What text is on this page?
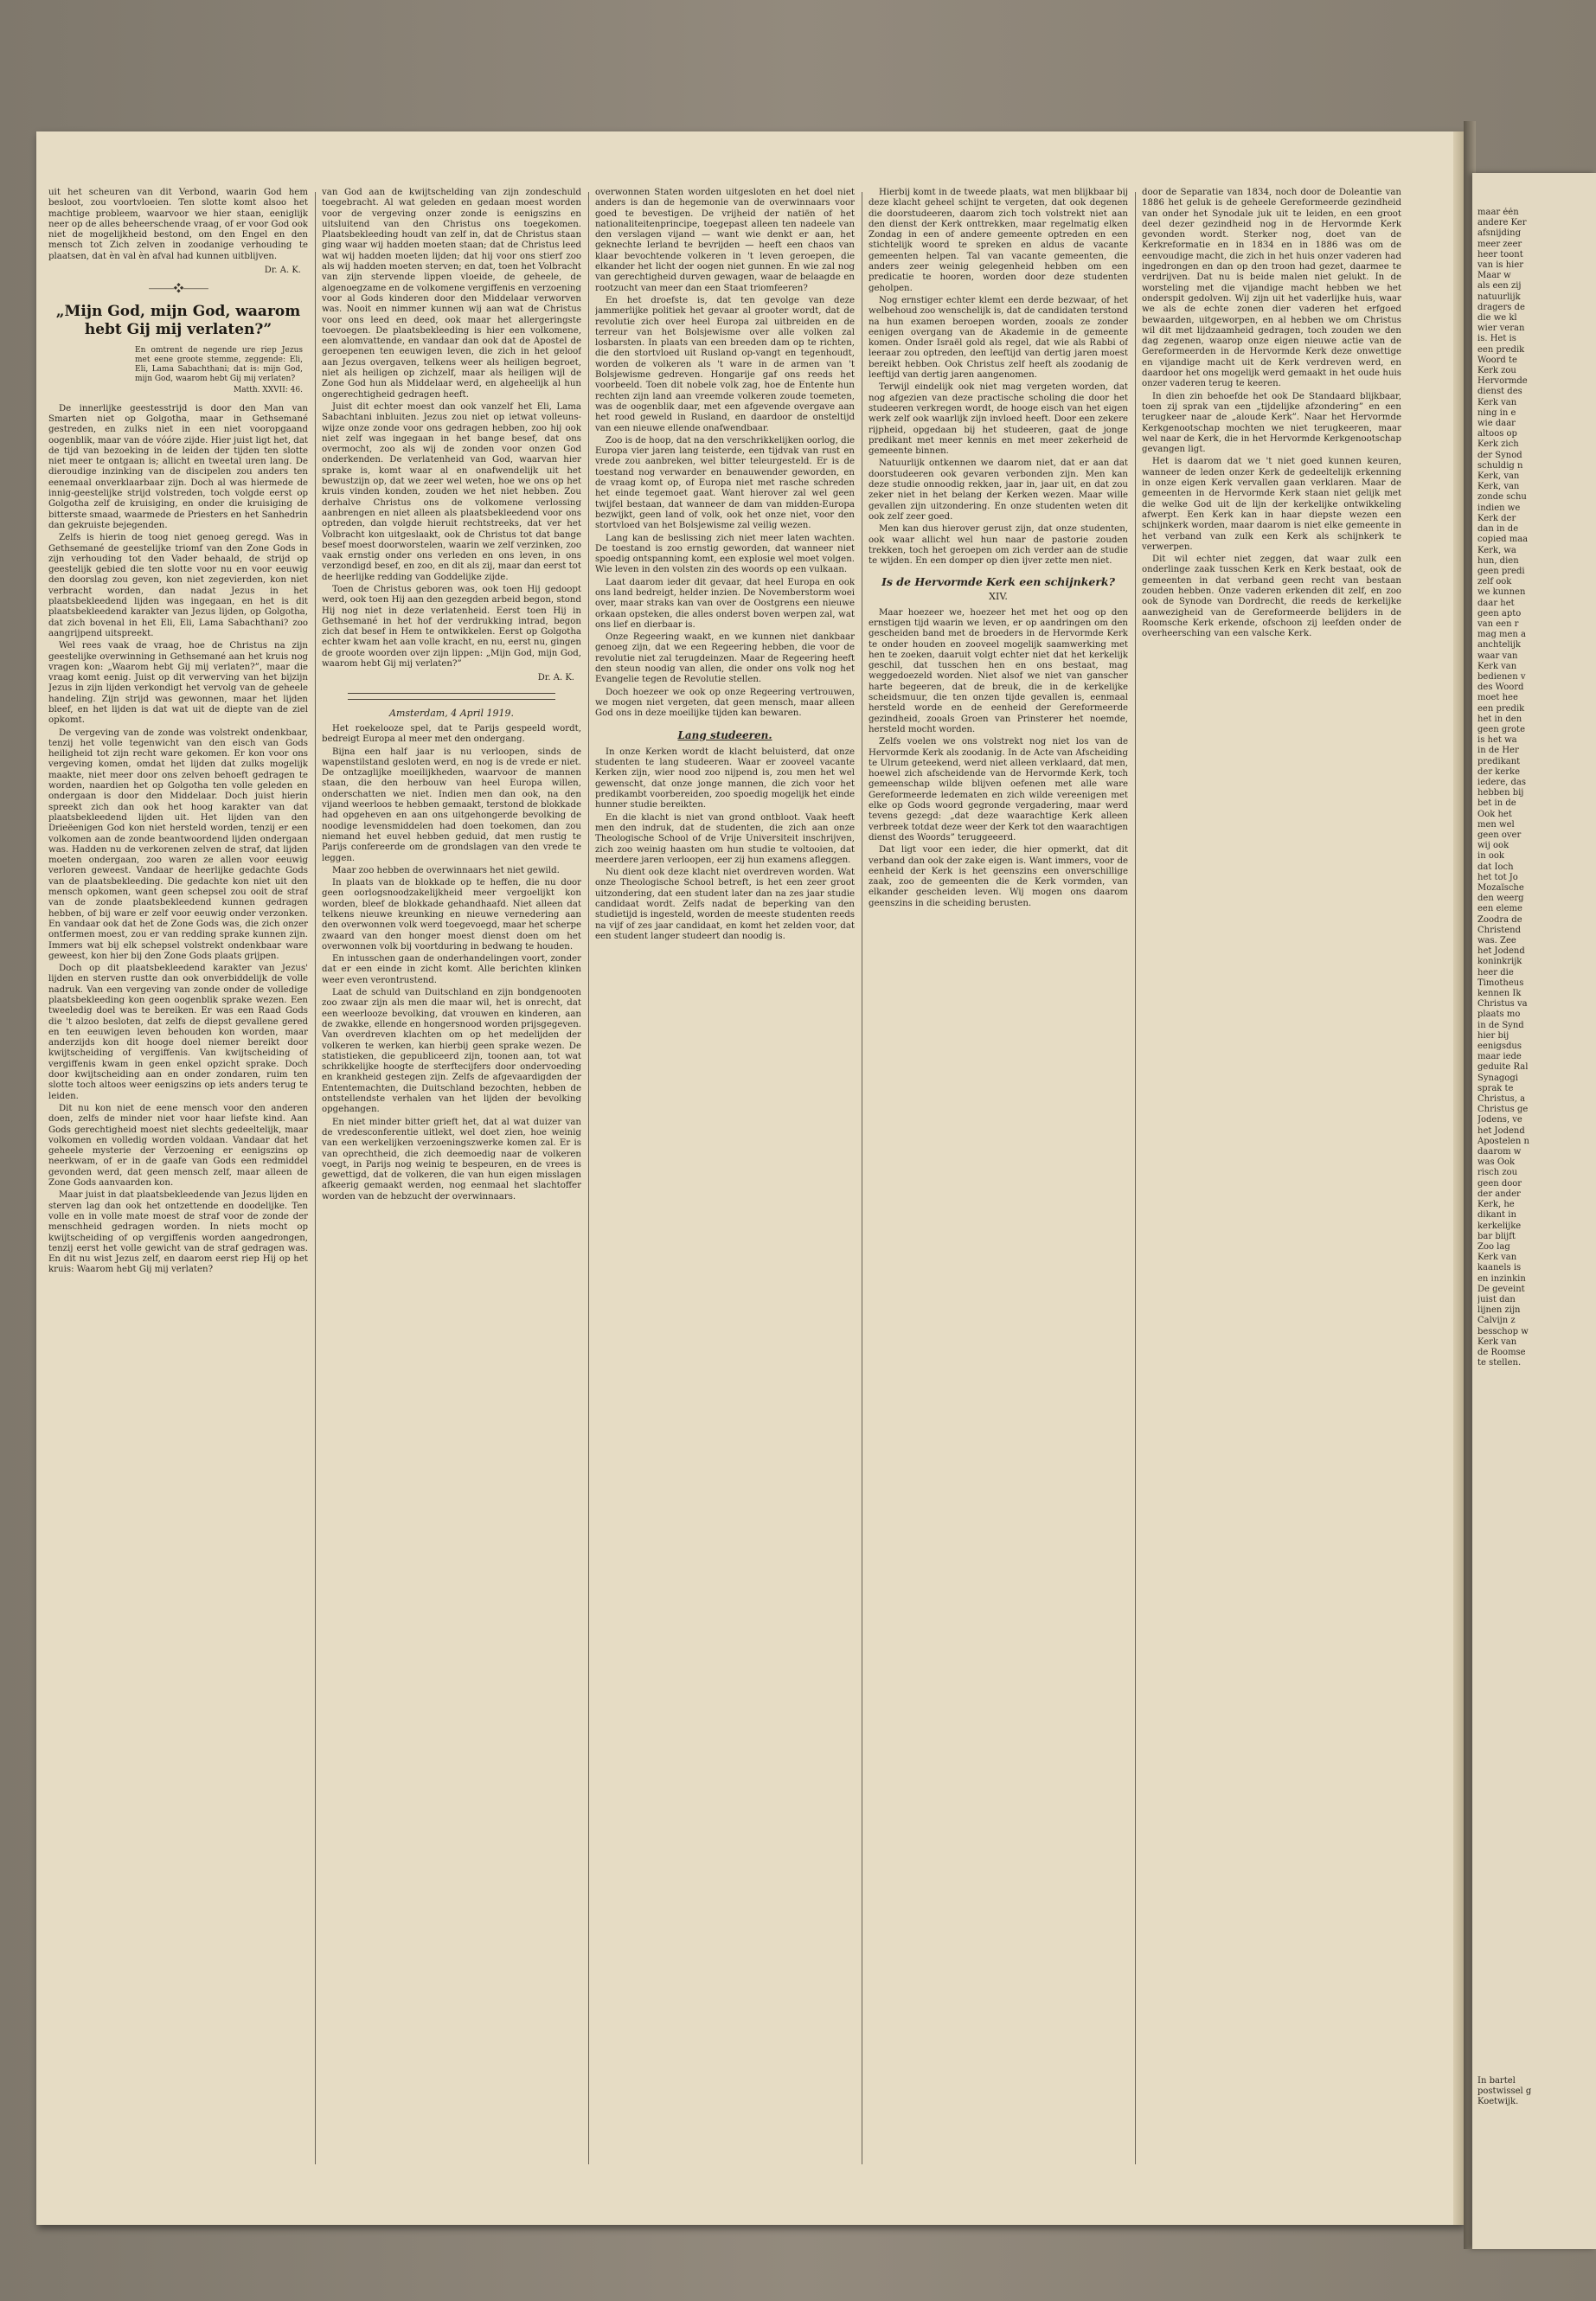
uit het scheuren van dit Verbond, waarin God hem besloot, zou voortvloeien. Ten slotte komt alsoo het machtige probleem, waarvoor we hier staan, eeniglijk neer op de alles beheerschende vraag, of er voor God ook niet de mogelijkheid bestond, om den Engel en den mensch tot Zich zelven in zoodanige verhouding te plaatsen, dat èn val èn afval had kunnen uitblijven.

Dr. A. K.
⸻❖⸻
„Mijn God, mijn God, waarom hebt Gij mij verlaten?”
En omtrent de negende ure riep Jezus met eene groote stemme, zeggende: Eli, Eli, Lama Sabachthani; dat is: mijn God, mijn God, waarom hebt Gij mij verlaten?
Matth. XXVII: 46.

De innerlijke geestesstrijd is door den Man van Smarten niet op Golgotha, maar in Gethsemané gestreden, en zulks niet in een niet vooropgaand oogenblik, maar van de vóóre zijde. Hier juist ligt het, dat de tijd van bezoeking in de leiden der tijden ten slotte niet meer te ontgaan is; allicht en tweetal uren lang. De dieroudige inzinking van de discipelen zou anders ten eenemaal onverklaarbaar zijn. Doch al was hiermede de innig-geestelijke strijd volstreden, toch volgde eerst op Golgotha zelf de kruisiging, en onder die kruisiging de bitterste smaad, waarmede de Priesters en het Sanhedrin dan gekruiste bejegenden.

Zelfs is hierin de toog niet genoeg geregd. Was in Gethsemané de geestelijke triomf van den Zone Gods in zijn verhouding tot den Vader behaald, de strijd op geestelijk gebied die ten slotte voor nu en voor eeuwig den doorslag zou geven, kon niet zegevierden, kon niet verbracht worden, dan nadat Jezus in het plaatsbekleedend lijden was ingegaan, en het is dit plaatsbekleedend karakter van Jezus lijden, op Golgotha, dat zich bovenal in het Eli, Eli, Lama Sabachthani? zoo aangrijpend uitspreekt.

Wel rees vaak de vraag, hoe de Christus na zijn geestelijke overwinning in Gethsemané aan het kruis nog vragen kon: „Waarom hebt Gij mij verlaten?”, maar die vraag komt eenig. Juist op dit verwerving van het bijzijn Jezus in zijn lijden verkondigt het vervolg van de geheele handeling. Zijn strijd was gewonnen, maar het lijden bleef, en het lijden is dat wat uit de diepte van de ziel opkomt.

De vergeving van de zonde was volstrekt ondenkbaar, tenzij het volle tegenwicht van den eisch van Gods heiligheid tot zijn recht ware gekomen. Er kon voor ons vergeving komen, omdat het lijden dat zulks mogelijk maakte, niet meer door ons zelven behoeft gedragen te worden, naardien het op Golgotha ten volle geleden en ondergaan is door den Middelaar. Doch juist hierin spreekt zich dan ook het hoog karakter van dat plaatsbekleedend lijden uit. Het lijden van den Drieëenigen God kon niet hersteld worden, tenzij er een volkomen aan de zonde beantwoordend lijden ondergaan was. Hadden nu de verkorenen zelven de straf, dat lijden moeten ondergaan, zoo waren ze allen voor eeuwig verloren geweest. Vandaar de heerlijke gedachte Gods van de plaatsbekleeding. Die gedachte kon niet uit den mensch opkomen, want geen schepsel zou ooit de straf van de zonde plaatsbekleedend kunnen gedragen hebben, of bij ware er zelf voor eeuwig onder verzonken. En vandaar ook dat het de Zone Gods was, die zich onzer ontfermen moest, zou er van redding sprake kunnen zijn. Immers wat bij elk schepsel volstrekt ondenkbaar ware geweest, kon hier bij den Zone Gods plaats grijpen.

Doch op dit plaatsbekleedend karakter van Jezus' lijden en sterven rustte dan ook onverbiddelijk de volle nadruk. Van een vergeving van zonde onder de volledige plaatsbekleeding kon geen oogenblik sprake wezen. Een tweeledig doel was te bereiken. Er was een Raad Gods die 't alzoo besloten, dat zelfs de diepst gevallene gered en ten eeuwigen leven behouden kon worden, maar anderzijds kon dit hooge doel niemer bereikt door kwijtscheiding of vergiffenis. Van kwijtscheiding of vergiffenis kwam in geen enkel opzicht sprake. Doch door kwijtscheiding aan en onder zondaren, ruim ten slotte toch altoos weer eenigszins op iets anders terug te leiden.

Dit nu kon niet de eene mensch voor den anderen doen, zelfs de minder niet voor haar liefste kind. Aan Gods gerechtigheid moest niet slechts gedeeltelijk, maar volkomen en volledig worden voldaan. Vandaar dat het geheele mysterie der Verzoening er eenigszins op neerkwam, of er in de gaafe van Gods een redmiddel gevonden werd, dat geen mensch zelf, maar alleen de Zone Gods aanvaarden kon.

Maar juist in dat plaatsbekleedende van Jezus lijden en sterven lag dan ook het ontzettende en doodelijke. Ten volle en in volle mate moest de straf voor de zonde der menschheid gedragen worden. In niets mocht op kwijtscheiding of op vergiffenis worden aangedrongen, tenzij eerst het volle gewicht van de straf gedragen was. En dit nu wist Jezus zelf, en daarom eerst riep Hij op het kruis: Waarom hebt Gij mij verlaten?

van God aan de kwijtschelding van zijn zondeschuld toegebracht. Al wat geleden en gedaan moest worden voor de vergeving onzer zonde is eenigszins en uitsluitend van den Christus ons toegekomen. Plaatsbekleeding houdt van zelf in, dat de Christus staan ging waar wij hadden moeten staan; dat de Christus leed wat wij hadden moeten lijden; dat hij voor ons stierf zoo als wij hadden moeten sterven; en dat, toen het Volbracht van zijn stervende lippen vloeide, de geheele, de algenoegzame en de volkomene vergiffenis en verzoening voor al Gods kinderen door den Middelaar verworven was. Nooit en nimmer kunnen wij aan wat de Christus voor ons leed en deed, ook maar het allergeringste toevoegen. De plaatsbekleeding is hier een volkomene, een alomvattende, en vandaar dan ook dat de Apostel de geroepenen ten eeuwigen leven, die zich in het geloof aan Jezus overgaven, telkens weer als heiligen begroet, niet als heiligen op zichzelf, maar als heiligen wijl de Zone God hun als Middelaar werd, en algeheelijk al hun ongerechtigheid gedragen heeft.

Juist dit echter moest dan ook vanzelf het Eli, Lama Sabachtani inbluiten. Jezus zou niet op ietwat volleuns-wijze onze zonde voor ons gedragen hebben, zoo hij ook niet zelf was ingegaan in het bange besef, dat ons overmocht, zoo als wij de zonden voor onzen God onderkenden. De verlatenheid van God, waarvan hier sprake is, komt waar al en onafwendelijk uit het bewustzijn op, dat we zeer wel weten, hoe we ons op het kruis vinden konden, zouden we het niet hebben. Zou derhalve Christus ons de volkomene verlossing aanbrengen en niet alleen als plaatsbekleedend voor ons optreden, dan volgde hieruit rechtstreeks, dat ver het Volbracht kon uitgeslaakt, ook de Christus tot dat bange besef moest doorworstelen, waarin we zelf verzinken, zoo vaak ernstig onder ons verleden en ons leven, in ons verzondigd besef, en zoo, en dit als zij, maar dan eerst tot de heerlijke redding van Goddelijke zijde.

Toen de Christus geboren was, ook toen Hij gedoopt werd, ook toen Hij aan den gezegden arbeid begon, stond Hij nog niet in deze verlatenheid. Eerst toen Hij in Gethsemané in het hof der verdrukking intrad, begon zich dat besef in Hem te ontwikkelen. Eerst op Golgotha echter kwam het aan volle kracht, en nu, eerst nu, gingen de groote woorden over zijn lippen: „Mijn God, mijn God, waarom hebt Gij mij verlaten?”

Dr. A. K.
Amsterdam, 4 April 1919.

Het roekelooze spel, dat te Parijs gespeeld wordt, bedreigt Europa al meer met den ondergang.

Bijna een half jaar is nu verloopen, sinds de wapenstilstand gesloten werd, en nog is de vrede er niet. De ontzaglijke moeilijkheden, waarvoor de mannen staan, die den herbouw van heel Europa willen, onderschatten we niet. Indien men dan ook, na den vijand weerloos te hebben gemaakt, terstond de blokkade had opgeheven en aan ons uitgehongerde bevolking de noodige levensmiddelen had doen toekomen, dan zou niemand het euvel hebben geduid, dat men rustig te Parijs confereerde om de grondslagen van den vrede te leggen.

Maar zoo hebben de overwinnaars het niet gewild.

In plaats van de blokkade op te heffen, die nu door geen oorlogsnoodzakelijkheid meer vergoelijkt kon worden, bleef de blokkade gehandhaafd. Niet alleen dat telkens nieuwe kreunking en nieuwe vernedering aan den overwonnen volk werd toegevoegd, maar het scherpe zwaard van den honger moest dienst doen om het overwonnen volk bij voortduring in bedwang te houden.

En intusschen gaan de onderhandelingen voort, zonder dat er een einde in zicht komt. Alle berichten klinken weer even verontrustend.

Laat de schuld van Duitschland en zijn bondgenooten zoo zwaar zijn als men die maar wil, het is onrecht, dat een weerlooze bevolking, dat vrouwen en kinderen, aan de zwakke, ellende en hongersnood worden prijsgegeven. Van overdreven klachten om op het medelijden der volkeren te werken, kan hierbij geen sprake wezen. De statistieken, die gepubliceerd zijn, toonen aan, tot wat schrikkelijke hoogte de sterftecijfers door ondervoeding en krankheid gestegen zijn. Zelfs de afgevaardigden der Ententemachten, die Duitschland bezochten, hebben de ontstellendste verhalen van het lijden der bevolking opgehangen.

En niet minder bitter grieft het, dat al wat duizer van de vredesconferentie uitlekt, wel doet zien, hoe weinig van een werkelijken verzoeningszwerke komen zal. Er is van oprechtheid, die zich deemoedig naar de volkeren voegt, in Parijs nog weinig te bespeuren, en de vrees is gewettigd, dat de volkeren, die van hun eigen misslagen afkeerig gemaakt werden, nog eenmaal het slachtoffer worden van de hebzucht der overwinnaars.

overwonnen Staten worden uitgesloten en het doel niet anders is dan de hegemonie van de overwinnaars voor goed te bevestigen. De vrijheid der natiën of het nationaliteitenprincipe, toegepast alleen ten nadeele van den verslagen vijand — want wie denkt er aan, het geknechte Ierland te bevrijden — heeft een chaos van klaar bevochtende volkeren in 't leven geroepen, die elkander het licht der oogen niet gunnen. En wie zal nog van gerechtigheid durven gewagen, waar de belaagde en rootzucht van meer dan een Staat triomfeeren?

En het droefste is, dat ten gevolge van deze jammerlijke politiek het gevaar al grooter wordt, dat de revolutie zich over heel Europa zal uitbreiden en de terreur van het Bolsjewisme over alle volken zal losbarsten. In plaats van een breeden dam op te richten, die den stortvloed uit Rusland op-vangt en tegenhoudt, worden de volkeren als 't ware in de armen van 't Bolsjewisme gedreven. Hongarije gaf ons reeds het voorbeeld. Toen dit nobele volk zag, hoe de Entente hun rechten zijn land aan vreemde volkeren zoude toemeten, was de oogenblik daar, met een afgevende overgave aan het rood geweld in Rusland, en daardoor de onsteltijd van een nieuwe ellende onafwendbaar.

Zoo is de hoop, dat na den verschrikkelijken oorlog, die Europa vier jaren lang teisterde, een tijdvak van rust en vrede zou aanbreken, wel bitter teleurgesteld. Er is de toestand nog verwarder en benauwender geworden, en de vraag komt op, of Europa niet met rasche schreden het einde tegemoet gaat. Want hierover zal wel geen twijfel bestaan, dat wanneer de dam van midden-Europa bezwijkt, geen land of volk, ook het onze niet, voor den stortvloed van het Bolsjewisme zal veilig wezen.

Lang kan de beslissing zich niet meer laten wachten. De toestand is zoo ernstig geworden, dat wanneer niet spoedig ontspanning komt, een explosie wel moet volgen. Wie leven in den volsten zin des woords op een vulkaan.

Laat daarom ieder dit gevaar, dat heel Europa en ook ons land bedreigt, helder inzien. De Novemberstorm woei over, maar straks kan van over de Oostgrens een nieuwe orkaan opsteken, die alles onderst boven werpen zal, wat ons lief en dierbaar is.

Onze Regeering waakt, en we kunnen niet dankbaar genoeg zijn, dat we een Regeering hebben, die voor de revolutie niet zal terugdeinzen. Maar de Regeering heeft den steun noodig van allen, die onder ons volk nog het Evangelie tegen de Revolutie stellen.

Doch hoezeer we ook op onze Regeering vertrouwen, we mogen niet vergeten, dat geen mensch, maar alleen God ons in deze moeilijke tijden kan bewaren.

Lang studeeren.

In onze Kerken wordt de klacht beluisterd, dat onze studenten te lang studeeren. Waar er zooveel vacante Kerken zijn, wier nood zoo nijpend is, zou men het wel gewenscht, dat onze jonge mannen, die zich voor het predikambt voorbereiden, zoo spoedig mogelijk het einde hunner studie bereikten.

En die klacht is niet van grond ontbloot. Vaak heeft men den indruk, dat de studenten, die zich aan onze Theologische School of de Vrije Universiteit inschrijven, zich zoo weinig haasten om hun studie te voltooien, dat meerdere jaren verloopen, eer zij hun examens afleggen.

Nu dient ook deze klacht niet overdreven worden. Wat onze Theologische School betreft, is het een zeer groot uitzondering, dat een student later dan na zes jaar studie candidaat wordt. Zelfs nadat de beperking van den studietijd is ingesteld, worden de meeste studenten reeds na vijf of zes jaar candidaat, en komt het zelden voor, dat een student langer studeert dan noodig is.

Hierbij komt in de tweede plaats, wat men blijkbaar bij deze klacht geheel schijnt te vergeten, dat ook degenen die doorstudeeren, daarom zich toch volstrekt niet aan den dienst der Kerk onttrekken, maar regelmatig elken Zondag in een of andere gemeente optreden en een stichtelijk woord te spreken en aldus de vacante gemeenten helpen. Tal van vacante gemeenten, die anders zeer weinig gelegenheid hebben om een predicatie te hooren, worden door deze studenten geholpen.

Nog ernstiger echter klemt een derde bezwaar, of het welbehoud zoo wenschelijk is, dat de candidaten terstond na hun examen beroepen worden, zooals ze zonder eenigen overgang van de Akademie in de gemeente komen. Onder Israël gold als regel, dat wie als Rabbi of leeraar zou optreden, den leeftijd van dertig jaren moest bereikt hebben. Ook Christus zelf heeft als zoodanig de leeftijd van dertig jaren aangenomen.

Terwijl eindelijk ook niet mag vergeten worden, dat nog afgezien van deze practische scholing die door het studeeren verkregen wordt, de hooge eisch van het eigen werk zelf ook waarlijk zijn invloed heeft. Door een zekere rijpheid, opgedaan bij het studeeren, gaat de jonge predikant met meer kennis en met meer zekerheid de gemeente binnen.

Natuurlijk ontkennen we daarom niet, dat er aan dat doorstudeeren ook gevaren verbonden zijn. Men kan deze studie onnoodig rekken, jaar in, jaar uit, en dat zou zeker niet in het belang der Kerken wezen. Maar wille gevallen zijn uitzondering. En onze studenten weten dit ook zelf zeer goed.

Men kan dus hierover gerust zijn, dat onze studenten, ook waar allicht wel hun naar de pastorie zouden trekken, toch het geroepen om zich verder aan de studie te wijden. En een domper op dien ijver zette men niet.

Is de Hervormde Kerk een schijnkerk?
XIV.

Maar hoezeer we, hoezeer het met het oog op den ernstigen tijd waarin we leven, er op aandringen om den gescheiden band met de broeders in de Hervormde Kerk te onder houden en zooveel mogelijk saamwerking met hen te zoeken, daaruit volgt echter niet dat het kerkelijk geschil, dat tusschen hen en ons bestaat, mag weggedoezeld worden. Niet alsof we niet van ganscher harte begeeren, dat de breuk, die in de kerkelijke scheidsmuur, die ten onzen tijde gevallen is, eenmaal hersteld worde en de eenheid der Gereformeerde gezindheid, zooals Groen van Prinsterer het noemde, hersteld mocht worden.

Zelfs voelen we ons volstrekt nog niet los van de Hervormde Kerk als zoodanig. In de Acte van Afscheiding te Ulrum geteekend, werd niet alleen verklaard, dat men, hoewel zich afscheidende van de Hervormde Kerk, toch gemeenschap wilde blijven oefenen met alle ware Gereformeerde ledematen en zich wilde vereenigen met elke op Gods woord gegronde vergadering, maar werd tevens gezegd: „dat deze waarachtige Kerk alleen verbreek totdat deze weer der Kerk tot den waarachtigen dienst des Woords” teruggeeerd.

Dat ligt voor een ieder, die hier opmerkt, dat dit verband dan ook der zake eigen is. Want immers, voor de eenheid der Kerk is het geenszins een onverschillige zaak, zoo de gemeenten die de Kerk vormden, van elkander gescheiden leven. Wij mogen ons daarom geenszins in die scheiding berusten.

door de Separatie van 1834, noch door de Doleantie van 1886 het geluk is de geheele Gereformeerde gezindheid van onder het Synodale juk uit te leiden, en een groot deel dezer gezindheid nog in de Hervormde Kerk gevonden wordt. Sterker nog, doet van de Kerkreformatie en in 1834 en in 1886 was om de eenvoudige macht, die zich in het huis onzer vaderen had ingedrongen en dan op den troon had gezet, daarmee te verdrijven. Dat nu is beide malen niet gelukt. In de worsteling met die vijandige macht hebben we het onderspit gedolven. Wij zijn uit het vaderlijke huis, waar we als de echte zonen dier vaderen het erfgoed bewaarden, uitgeworpen, en al hebben we om Christus wil dit met lijdzaamheid gedragen, toch zouden we den dag zegenen, waarop onze eigen nieuwe actie van de Gereformeerden in de Hervormde Kerk deze onwettige en vijandige macht uit de Kerk verdreven werd, en daardoor het ons mogelijk werd gemaakt in het oude huis onzer vaderen terug te keeren.

In dien zin behoefde het ook De Standaard blijkbaar, toen zij sprak van een „tijdelijke afzondering” en een terugkeer naar de „aloude Kerk”. Naar het Hervormde Kerkgenootschap mochten we niet terugkeeren, maar wel naar de Kerk, die in het Hervormde Kerkgenootschap gevangen ligt.

Het is daarom dat we 't niet goed kunnen keuren, wanneer de leden onzer Kerk de gedeeltelijk erkenning in onze eigen Kerk vervallen gaan verklaren. Maar de gemeenten in de Hervormde Kerk staan niet gelijk met die welke God uit de lijn der kerkelijke ontwikkeling afwerpt. Een Kerk kan in haar diepste wezen een schijnkerk worden, maar daarom is niet elke gemeente in het verband van zulk een Kerk als schijnkerk te verwerpen.

Dit wil echter niet zeggen, dat waar zulk een onderlinge zaak tusschen Kerk en Kerk bestaat, ook de gemeenten in dat verband geen recht van bestaan zouden hebben. Onze vaderen erkenden dit zelf, en zoo ook de Synode van Dordrecht, die reeds de kerkelijke aanwezigheid van de Gereformeerde belijders in de Roomsche Kerk erkende, ofschoon zij leefden onder de overheersching van een valsche Kerk.

maar één
andere Ker
afsnijding
meer zeer
heer toont
van is hier
Maar w
als een zij
natuurlijk
dragers de
die we kl
wier veran
is. Het is
een predik
Woord te
Kerk zou
Hervormde
dienst des
Kerk van
ning in e
wie daar
altoos op
Kerk zich
der Synod
schuldig n
Kerk, van
Kerk, van
zonde schu
indien we
Kerk der
dan in de
copied maa
Kerk, wa
hun, dien
geen predi
zelf ook
we kunnen
daar het
geen apto
van een r
mag men a
anchtelijk
waar van
Kerk van
bedienen v
des Woord
moet hee
een predik
het in den
geen grote
is het wa
in de Her
predikant
der kerke
iedere, das
hebben bij
bet in de
Ook het
men wel
geen over
wij ook
in ook
dat Ioch
het tot Jo
Mozaïsche
den weerg
een eleme
Zoodra de
Christend
was. Zee
het Jodend
koninkrijk
heer die
Timotheus
kennen Ik
Christus va
plaats mo
in de Synd
hier bij
eenigsdus
maar iede
geduite Ral
Synagogi
sprak te
Christus, a
Christus ge
Jodens, ve
het Jodend
Apostelen n
daarom w
was Ook
risch zou
geen door
der ander
Kerk, he
dikant in
kerkelijke
bar blijft
Zoo lag
Kerk van
kaanels is
en inzinkin
De geveint
juist dan
lijnen zijn
Calvijn z
besschop w
Kerk van
de Roomse
te stellen.
In bartel
postwissel g
Koetwijk.
